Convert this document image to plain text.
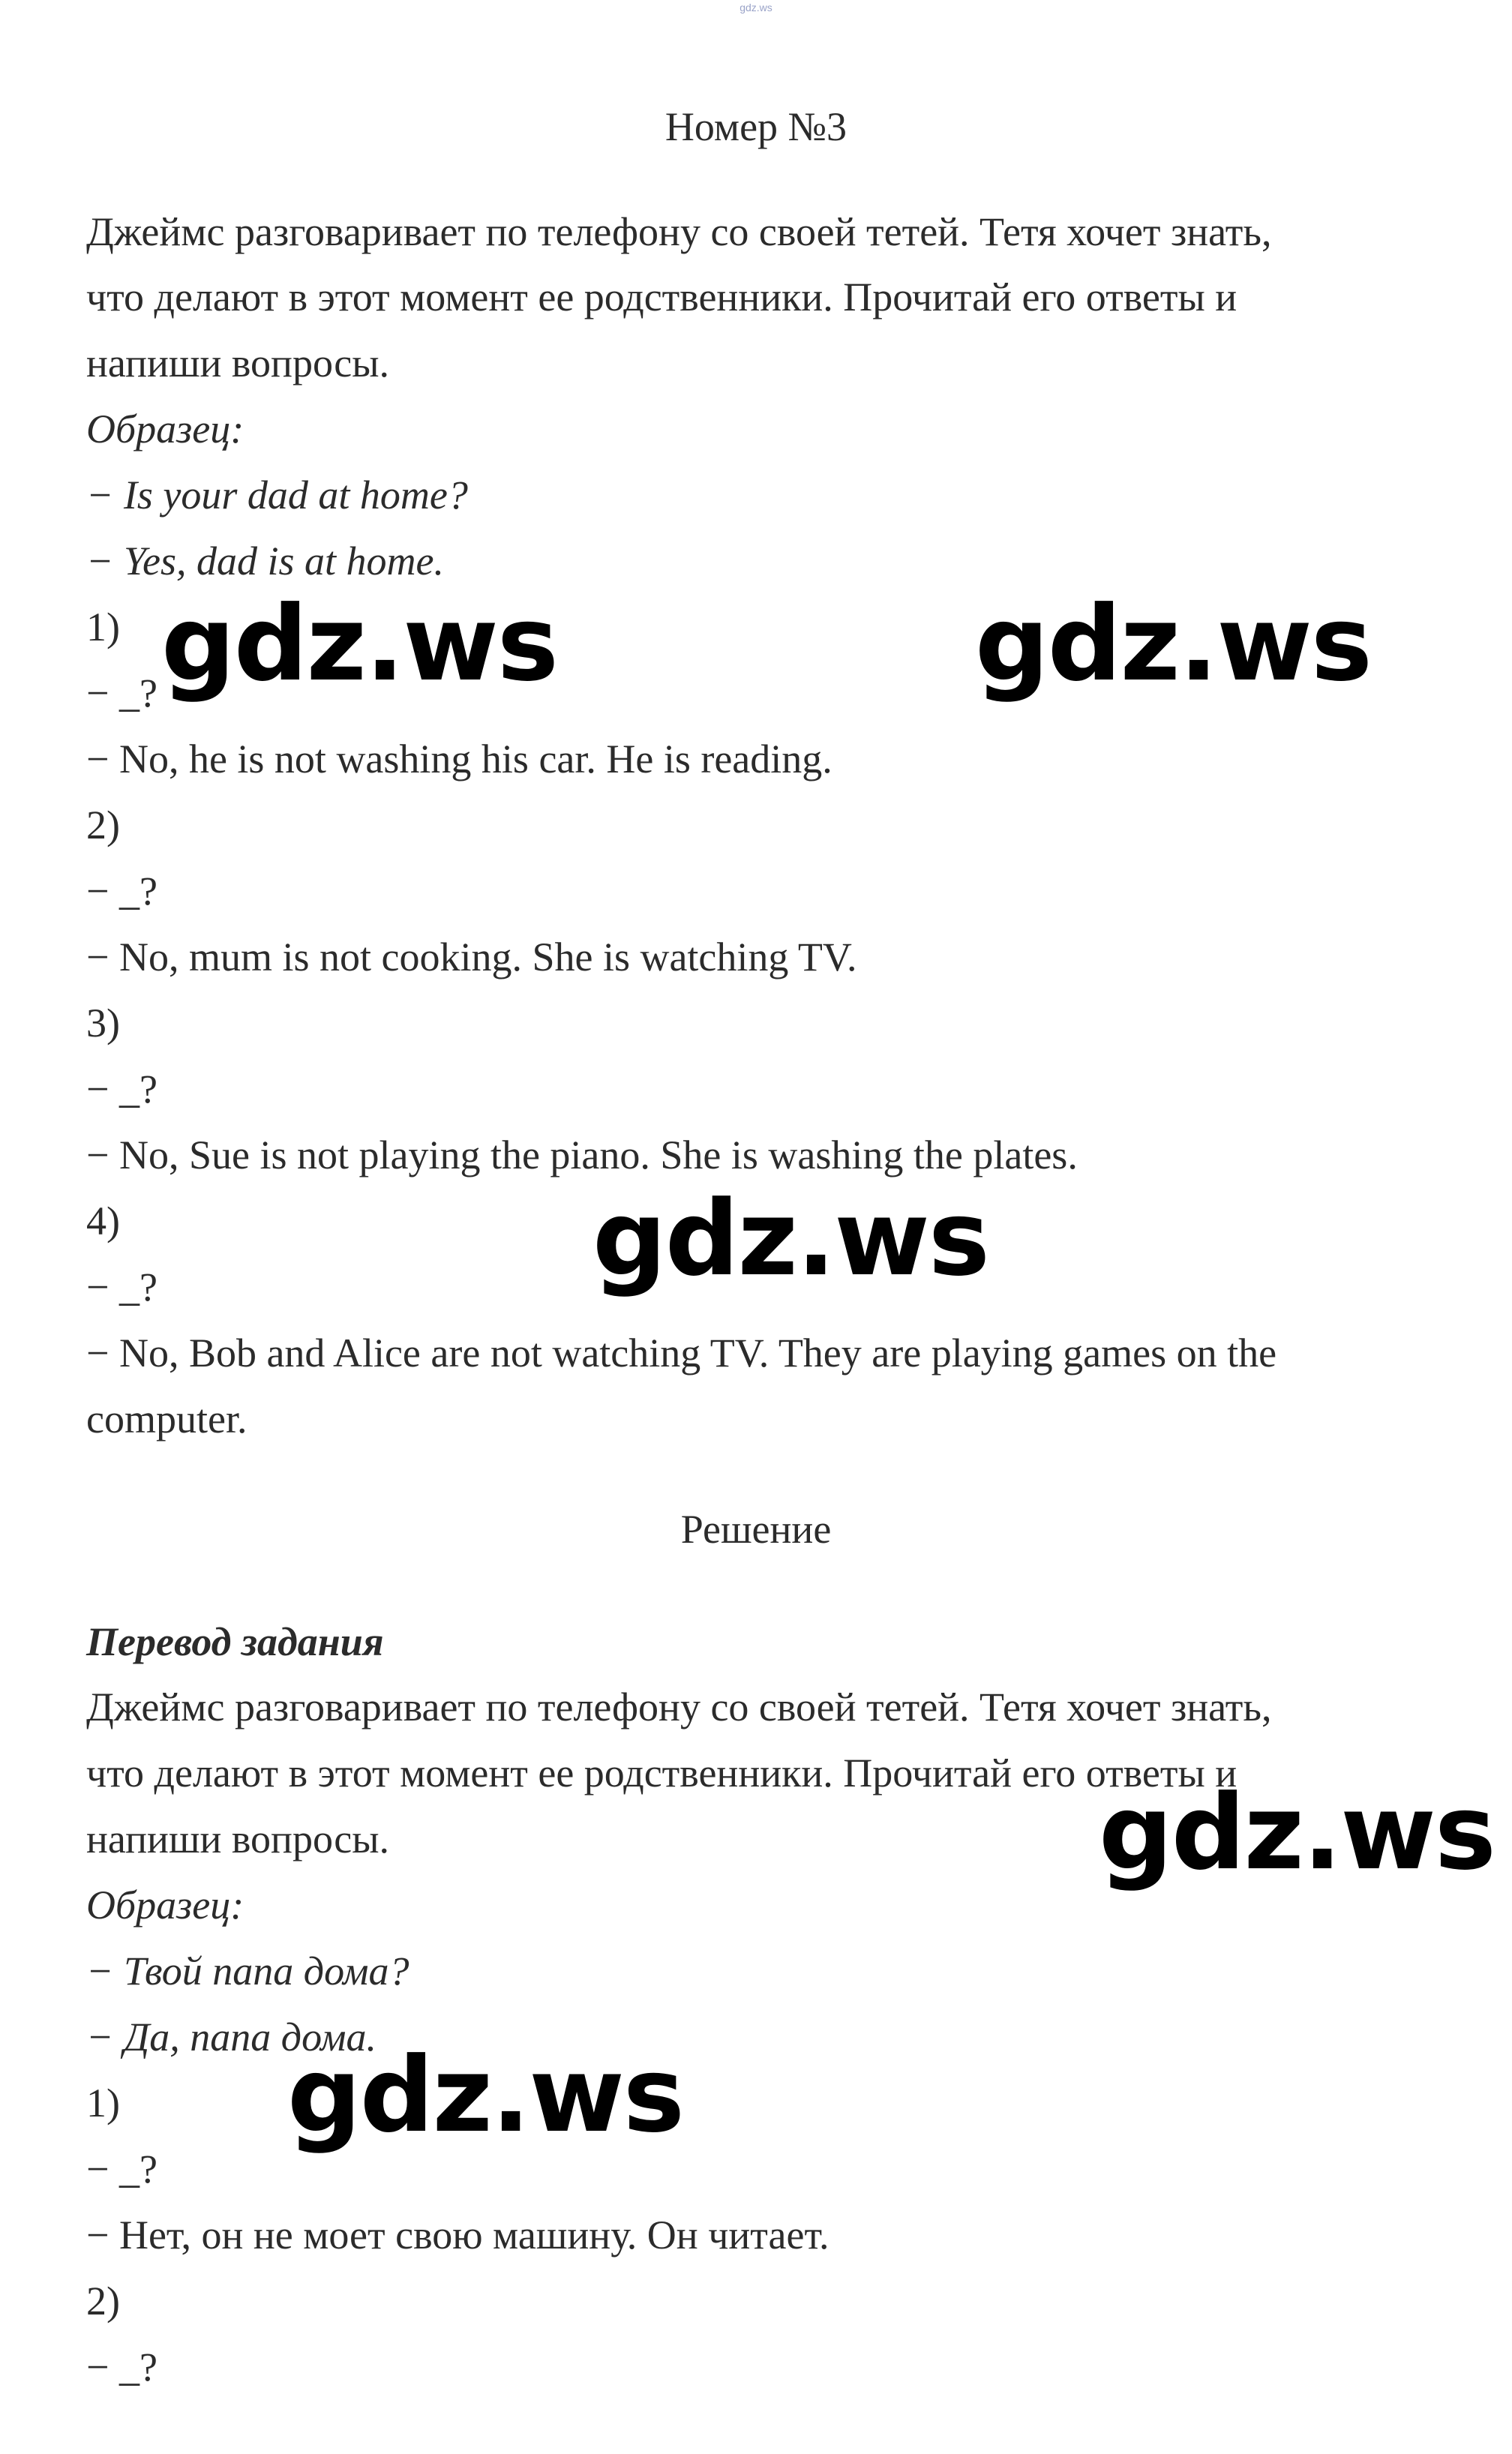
gdz.ws
Номер №3
Джеймс разговаривает по телефону со своей тетей. Тетя хочет знать,
что делают в этот момент ее родственники. Прочитай его ответы и
напиши вопросы.
Образец:
− Is your dad at home?
− Yes, dad is at home.
1)
− _?
− No, he is not washing his car. He is reading.
2)
− _?
− No, mum is not cooking. She is watching TV.
3)
− _?
− No, Sue is not playing the piano. She is washing the plates.
4)
− _?
− No, Bob and Alice are not watching TV. They are playing games on the
computer.
Решение
Перевод задания
Джеймс разговаривает по телефону со своей тетей. Тетя хочет знать,
что делают в этот момент ее родственники. Прочитай его ответы и
напиши вопросы.
Образец:
− Твой папа дома?
− Да, папа дома.
1)
− _?
− Нет, он не моет свою машину. Он читает.
2)
− _?
gdz.ws	gdz.ws
gdz.ws
gdz.ws
gdz.ws
